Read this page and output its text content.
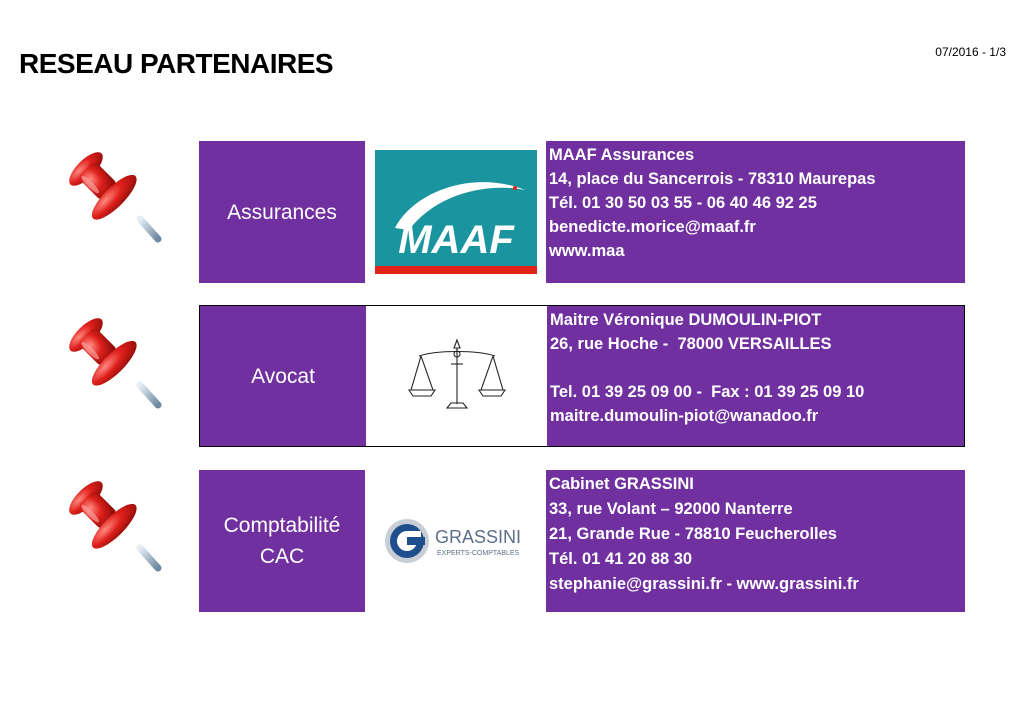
RESEAU PARTENAIRES	07/2016 - 1/3
Assurances
MAAF
MAAF Assurances
14, place du Sancerrois - 78310 Maurepas
Tél. 01 30 50 03 55 - 06 40 46 92 25
benedicte.morice@maaf.fr
www.maa
Avocat
Maitre Véronique DUMOULIN-PIOT
26, rue Hoche -  78000 VERSAILLES
Tel. 01 39 25 09 00 -  Fax : 01 39 25 09 10
maitre.dumoulin-piot@wanadoo.fr
Comptabilité
CAC
GRASSINI
EXPERTS-COMPTABLES
Cabinet GRASSINI
33, rue Volant – 92000 Nanterre
21, Grande Rue - 78810 Feucherolles
Tél. 01 41 20 88 30
stephanie@grassini.fr - www.grassini.fr
